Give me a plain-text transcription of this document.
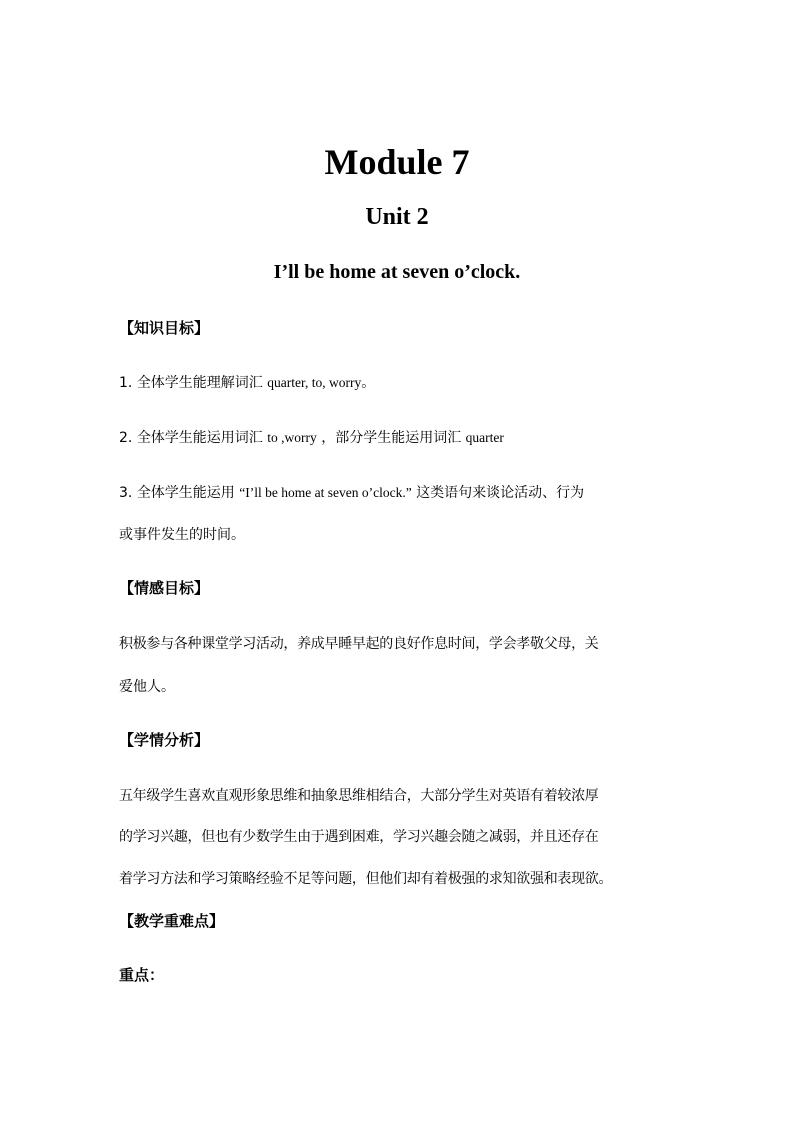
Module 7
Unit 2
I’ll be home at seven o’clock.

【知识目标】

1. 全体学生能理解词汇 quarter, to, worry。

2. 全体学生能运用词汇 to ,worry ，部分学生能运用词汇 quarter

3. 全体学生能运用 “I’ll be home at seven o’clock.” 这类语句来谈论活动、行为

或事件发生的时间。

【情感目标】

积极参与各种课堂学习活动，养成早睡早起的良好作息时间，学会孝敬父母，关

爱他人。

【学情分析】

五年级学生喜欢直观形象思维和抽象思维相结合，大部分学生对英语有着较浓厚

的学习兴趣，但也有少数学生由于遇到困难，学习兴趣会随之减弱，并且还存在

着学习方法和学习策略经验不足等问题，但他们却有着极强的求知欲强和表现欲。

【教学重难点】

重点：
